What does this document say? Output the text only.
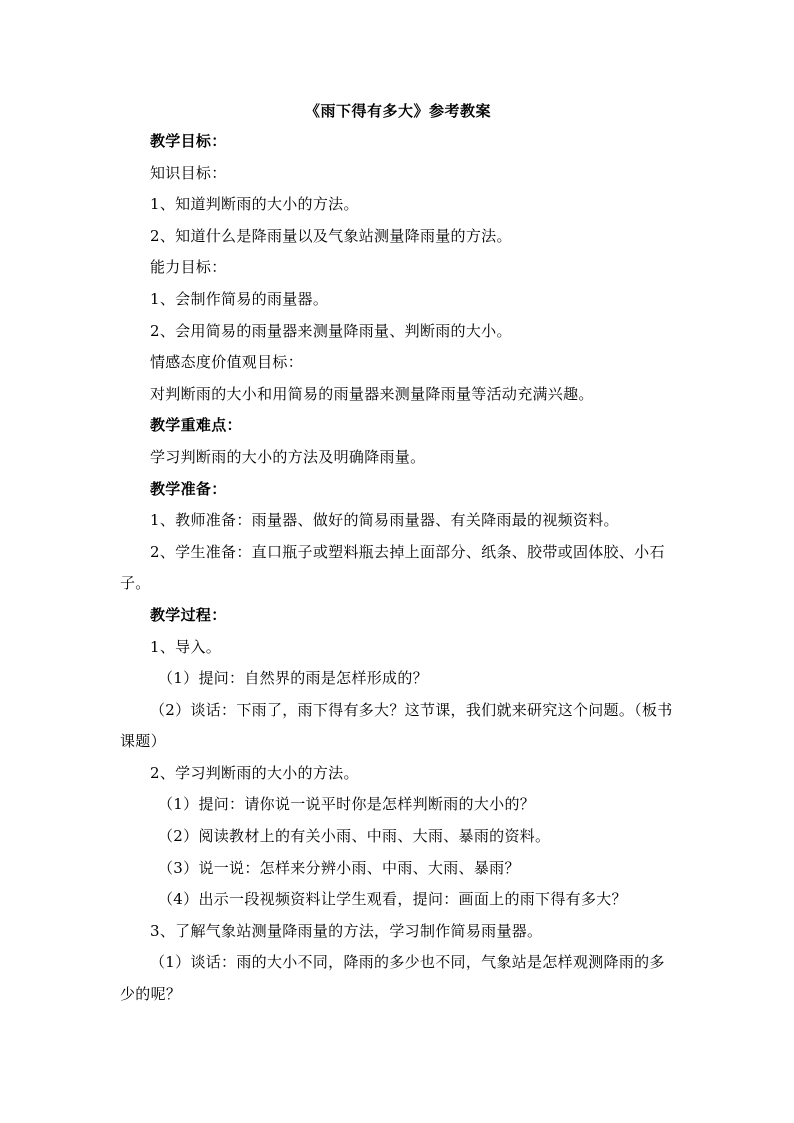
《雨下得有多大》参考教案

教学目标：

知识目标：

1、知道判断雨的大小的方法。

2、知道什么是降雨量以及气象站测量降雨量的方法。

能力目标：

1、会制作简易的雨量器。

2、会用简易的雨量器来测量降雨量、判断雨的大小。

情感态度价值观目标：

对判断雨的大小和用简易的雨量器来测量降雨量等活动充满兴趣。

教学重难点：

学习判断雨的大小的方法及明确降雨量。

教学准备：

1、教师准备：雨量器、做好的简易雨量器、有关降雨最的视频资料。

2、学生准备：直口瓶子或塑料瓶去掉上面部分、纸条、胶带或固体胶、小石子。

教学过程：

1、导入。

（1）提问：自然界的雨是怎样形成的？

（2）谈话：下雨了，雨下得有多大？这节课，我们就来研究这个问题。（板书课题）

2、学习判断雨的大小的方法。

（1）提问：请你说一说平时你是怎样判断雨的大小的？

（2）阅读教材上的有关小雨、中雨、大雨、暴雨的资料。

（3）说一说：怎样来分辨小雨、中雨、大雨、暴雨？

（4）出示一段视频资料让学生观看，提问：画面上的雨下得有多大？

3、了解气象站测量降雨量的方法，学习制作简易雨量器。

（1）谈话：雨的大小不同，降雨的多少也不同，气象站是怎样观测降雨的多少的呢？
